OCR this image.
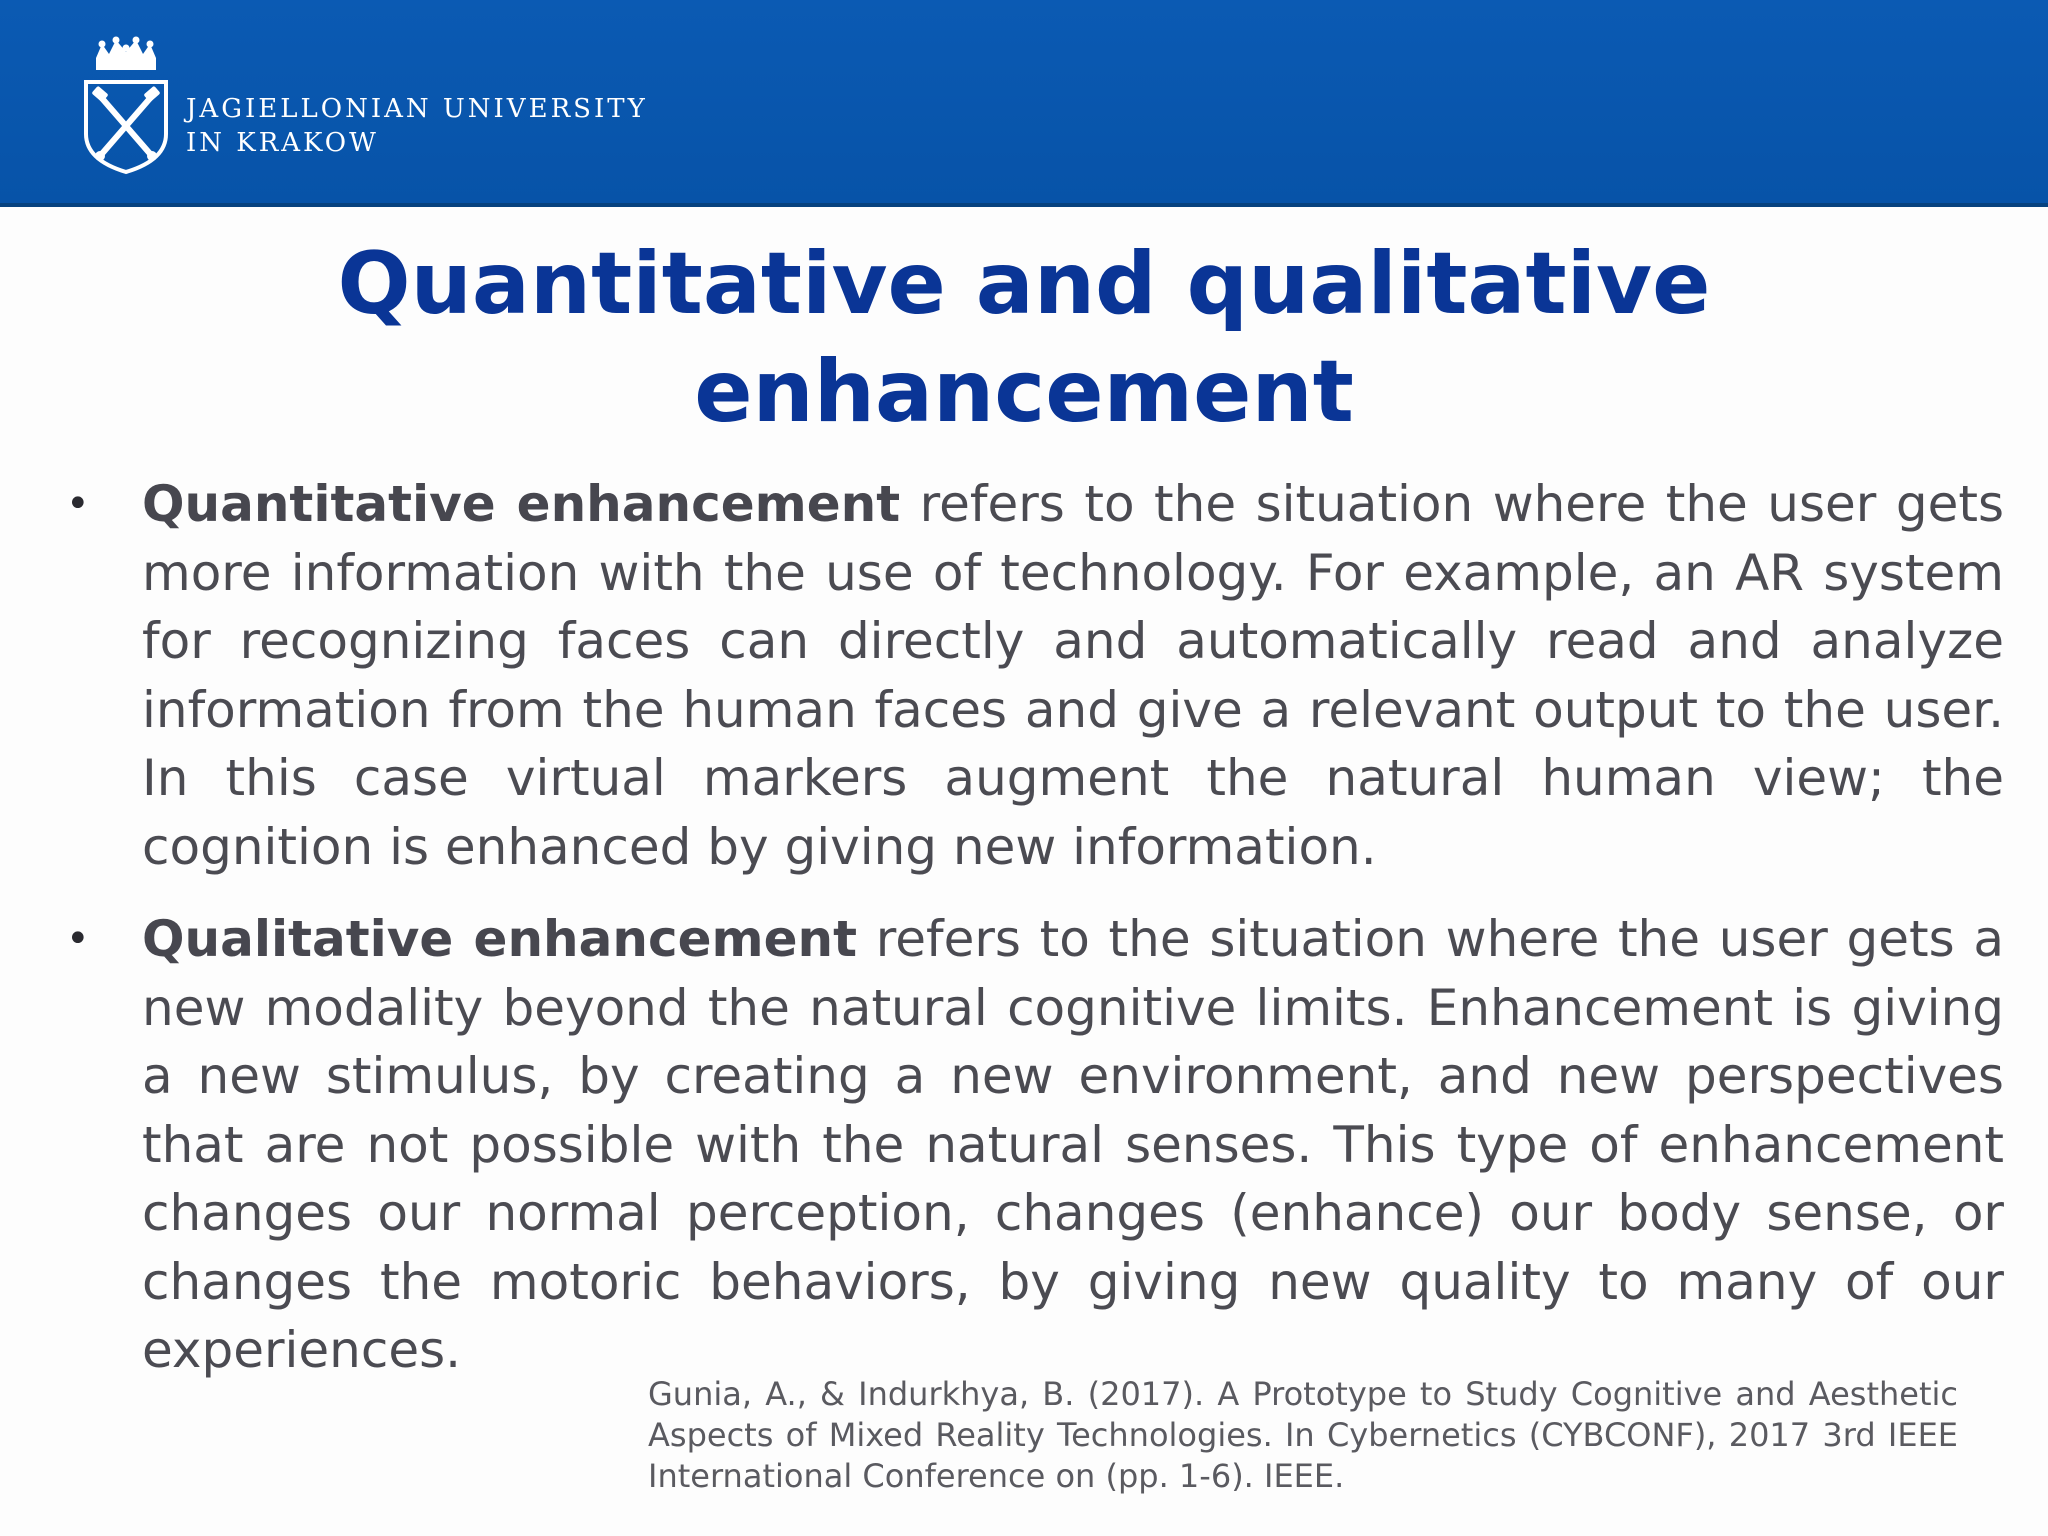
JAGIELLONIAN UNIVERSITY
IN KRAKOW
Quantitative and qualitative
enhancement
• Quantitative enhancement refers to the situation where the user gets more information with the use of technology. For example, an AR system for recognizing faces can directly and automatically read and analyze information from the human faces and give a relevant output to the user. In this case virtual markers augment the natural human view; the cognition is enhanced by giving new information.
• Qualitative enhancement refers to the situation where the user gets a new modality beyond the natural cognitive limits. Enhancement is giving a new stimulus, by creating a new environment, and new perspectives that are not possible with the natural senses. This type of enhancement changes our normal perception, changes (enhance) our body sense, or changes the motoric behaviors, by giving new quality to many of our experiences.
Gunia, A., & Indurkhya, B. (2017). A Prototype to Study Cognitive and Aesthetic Aspects of Mixed Reality Technologies. In Cybernetics (CYBCONF), 2017 3rd IEEE International Conference on (pp. 1-6). IEEE.
